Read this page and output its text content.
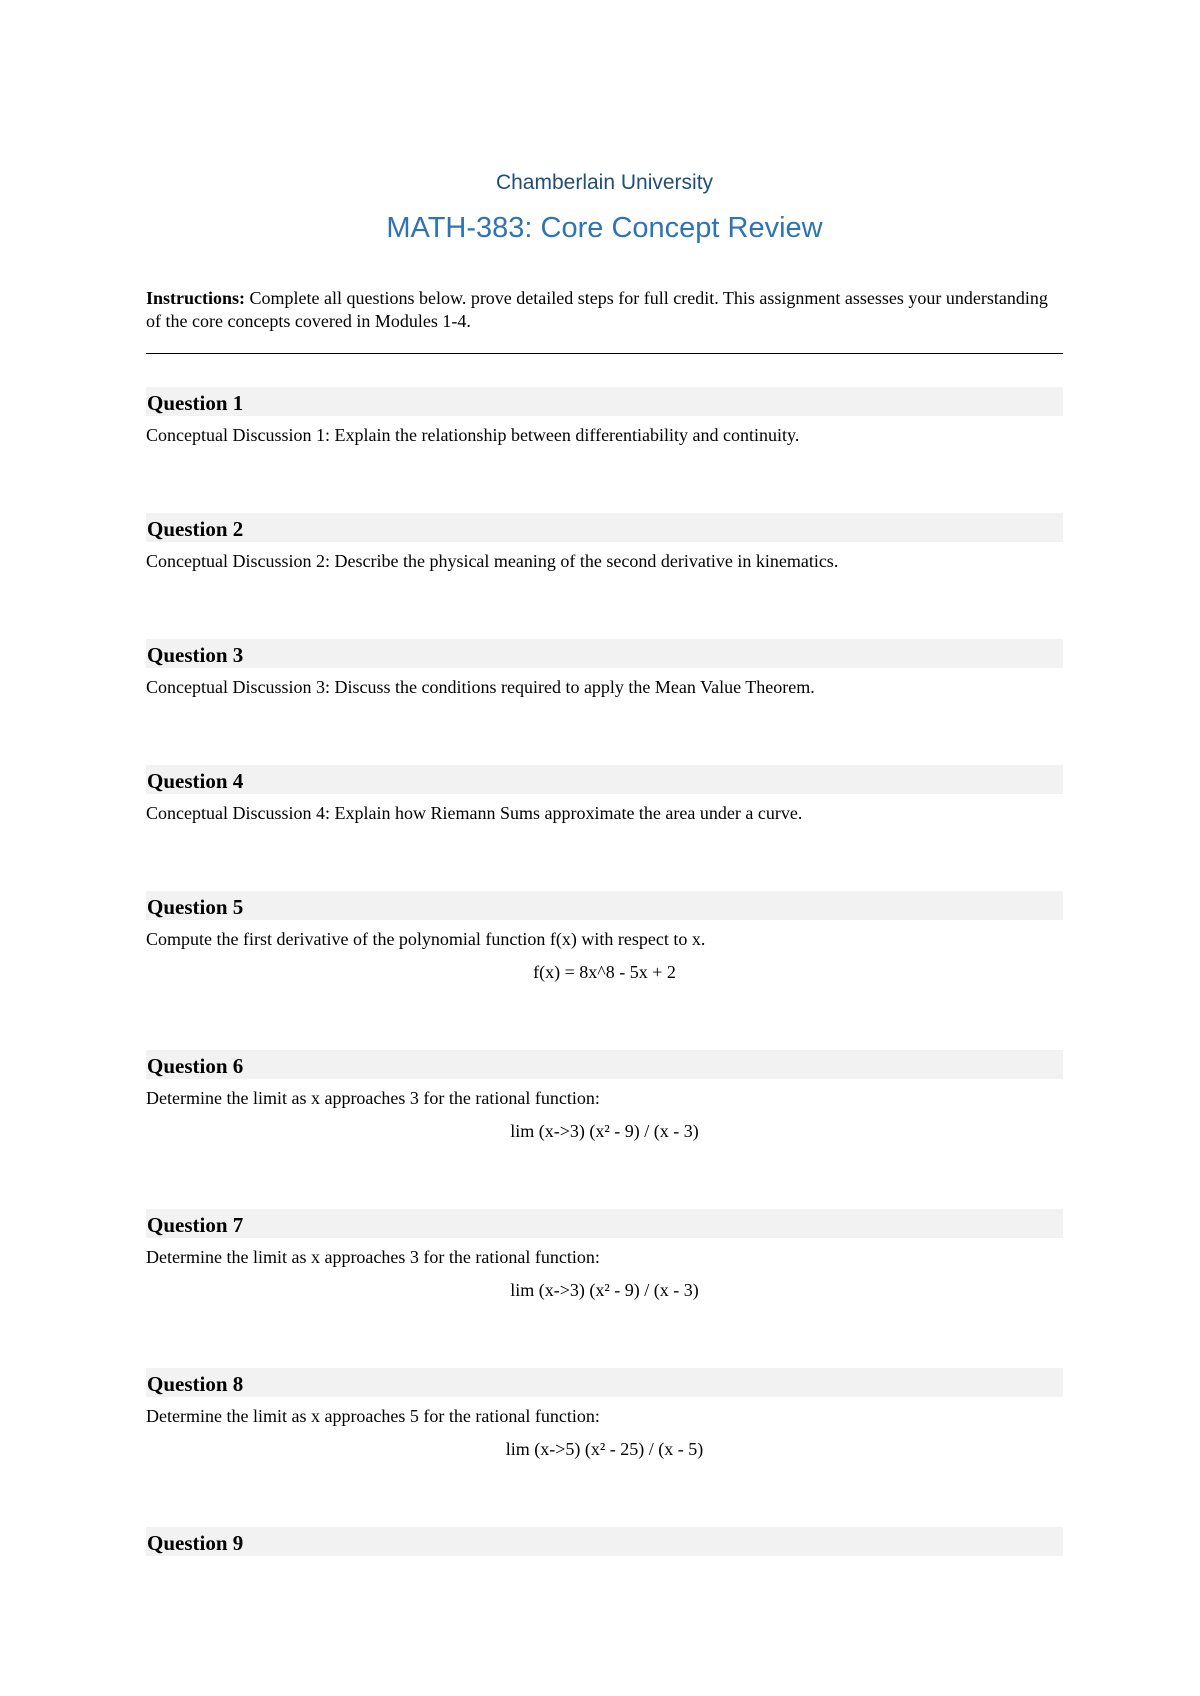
Chamberlain University
MATH-383: Core Concept Review
Instructions: Complete all questions below. prove detailed steps for full credit. This assignment assesses your understanding of the core concepts covered in Modules 1-4.
Question 1
Conceptual Discussion 1: Explain the relationship between differentiability and continuity.
Question 2
Conceptual Discussion 2: Describe the physical meaning of the second derivative in kinematics.
Question 3
Conceptual Discussion 3: Discuss the conditions required to apply the Mean Value Theorem.
Question 4
Conceptual Discussion 4: Explain how Riemann Sums approximate the area under a curve.
Question 5
Compute the first derivative of the polynomial function f(x) with respect to x.
f(x) = 8x^8 - 5x + 2
Question 6
Determine the limit as x approaches 3 for the rational function:
lim (x->3) (x² - 9) / (x - 3)
Question 7
Determine the limit as x approaches 3 for the rational function:
lim (x->3) (x² - 9) / (x - 3)
Question 8
Determine the limit as x approaches 5 for the rational function:
lim (x->5) (x² - 25) / (x - 5)
Question 9
